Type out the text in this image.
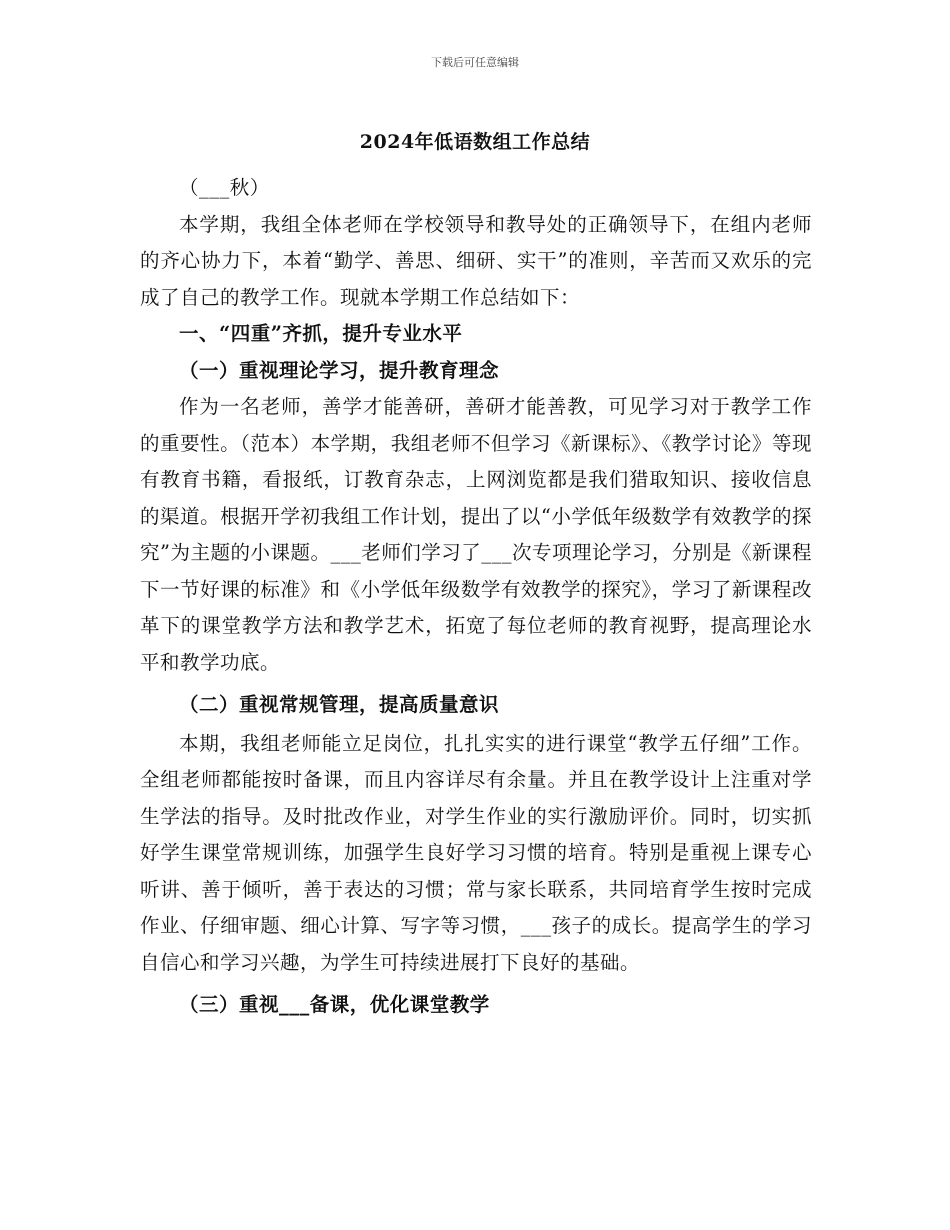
下载后可任意编辑
2024年低语数组工作总结

（___秋）

本学期，我组全体老师在学校领导和教导处的正确领导下，在组内老师的齐心协力下，本着“勤学、善思、细研、实干”的准则，辛苦而又欢乐的完成了自己的教学工作。现就本学期工作总结如下：

一、“四重”齐抓，提升专业水平

（一）重视理论学习，提升教育理念

作为一名老师，善学才能善研，善研才能善教，可见学习对于教学工作的重要性。（范本）本学期，我组老师不但学习《新课标》、《教学讨论》等现有教育书籍，看报纸，订教育杂志，上网浏览都是我们猎取知识、接收信息的渠道。根据开学初我组工作计划，提出了以“小学低年级数学有效教学的探究”为主题的小课题。___老师们学习了___次专项理论学习，分别是《新课程下一节好课的标准》和《小学低年级数学有效教学的探究》，学习了新课程改革下的课堂教学方法和教学艺术，拓宽了每位老师的教育视野，提高理论水平和教学功底。

（二）重视常规管理，提高质量意识

本期，我组老师能立足岗位，扎扎实实的进行课堂“教学五仔细”工作。全组老师都能按时备课，而且内容详尽有余量。并且在教学设计上注重对学生学法的指导。及时批改作业，对学生作业的实行激励评价。同时，切实抓好学生课堂常规训练，加强学生良好学习习惯的培育。特别是重视上课专心听讲、善于倾听，善于表达的习惯；常与家长联系，共同培育学生按时完成作业、仔细审题、细心计算、写字等习惯，___孩子的成长。提高学生的学习自信心和学习兴趣，为学生可持续进展打下良好的基础。

（三）重视___备课，优化课堂教学
